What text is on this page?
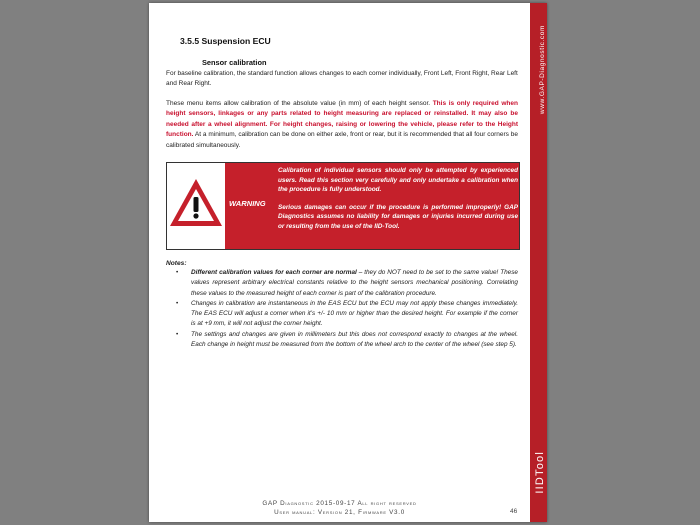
www.GAP-Diagnostic.com
IIDTool
3.5.5 Suspension ECU
Sensor calibration

For baseline calibration, the standard function allows changes to each corner individually, Front Left, Front Right, Rear Left and Rear Right.

These menu items allow calibration of the absolute value (in mm) of each height sensor. This is only required when height sensors, linkages or any parts related to height measuring are replaced or reinstalled. It may also be needed after a wheel alignment. For height changes, raising or lowering the vehicle, please refer to the Height function. At a minimum, calibration can be done on either axle, front or rear, but it is recommended that all four corners be calibrated simultaneously.

WARNING

Calibration of individual sensors should only be attempted by experienced users. Read this section very carefully and only undertake a calibration when the procedure is fully understood.

Serious damages can occur if the procedure is performed improperly! GAP Diagnostics assumes no liability for damages or injuries incurred during use or resulting from the use of the IID-Tool.

Notes:

• Different calibration values for each corner are normal – they do NOT need to be set to the same value! These values represent arbitrary electrical constants relative to the height sensors mechanical positioning. Correlating these values to the measured height of each corner is part of the calibration procedure.
• Changes in calibration are instantaneous in the EAS ECU but the ECU may not apply these changes immediately. The EAS ECU will adjust a corner when it’s +/- 10 mm or higher than the desired height. For example if the corner is at +9 mm, it will not adjust the corner height.
• The settings and changes are given in millimeters but this does not correspond exactly to changes at the wheel. Each change in height must be measured from the bottom of the wheel arch to the center of the wheel (see step 5).
GAP Diagnostic 2015-09-17 All right reserved
User manual: Version 21, Firmware V3.0	46
